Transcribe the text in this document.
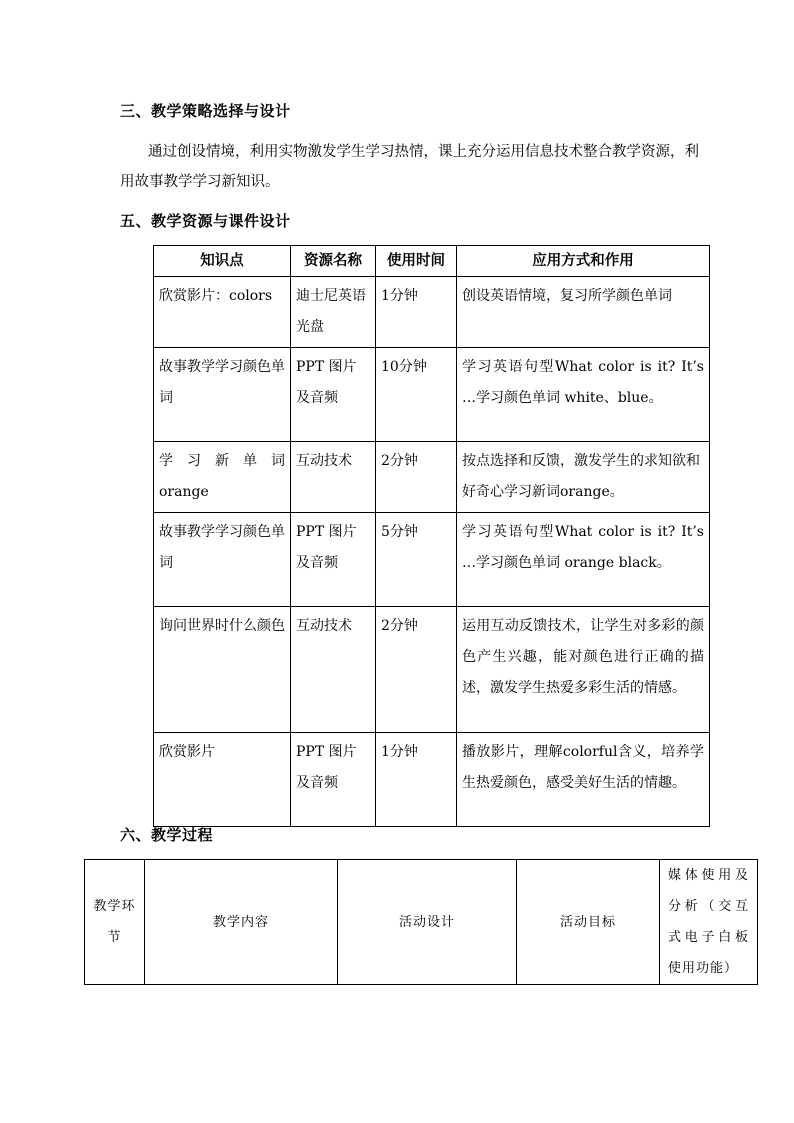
三、教学策略选择与设计
通过创设情境，利用实物激发学生学习热情，课上充分运用信息技术整合教学资源，利用故事教学学习新知识。
五、教学资源与课件设计
知识点	资源名称	使用时间	应用方式和作用
欣赏影片：colors	迪士尼英语光盘	1分钟	创设英语情境，复习所学颜色单词
故事教学学习颜色单词	PPT 图片及音频	10分钟	学习英语句型What color is it? It’s …学习颜色单词 white、blue。
学 习 新 单 词 orange	互动技术	2分钟	按点选择和反馈，激发学生的求知欲和好奇心学习新词orange。
故事教学学习颜色单词	PPT 图片及音频	5分钟	学习英语句型What color is it? It’s …学习颜色单词 orange black。
询问世界时什么颜色	互动技术	2分钟	运用互动反馈技术，让学生对多彩的颜色产生兴趣，能对颜色进行正确的描述，激发学生热爱多彩生活的情感。
欣赏影片	PPT 图片及音频	1分钟	播放影片，理解colorful含义，培养学生热爱颜色，感受美好生活的情趣。
六、教学过程
教学环节	教学内容	活动设计	活动目标	媒体使用及分析（交互式电子白板使用功能）
